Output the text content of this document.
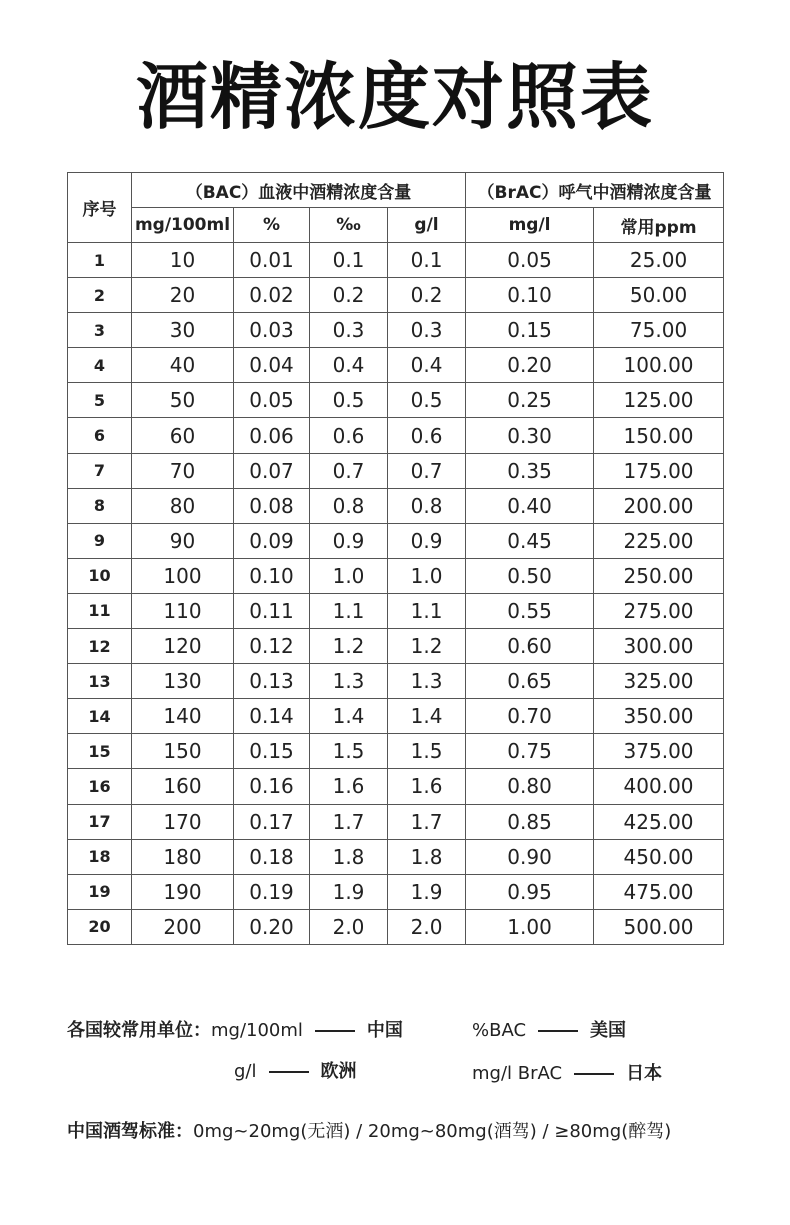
酒精浓度对照表
序号	（BAC）血液中酒精浓度含量				（BrAC）呼气中酒精浓度含量	
	mg/100ml	%	‰	g/l	mg/l	常用ppm
1	10	0.01	0.1	0.1	0.05	25.00
2	20	0.02	0.2	0.2	0.10	50.00
3	30	0.03	0.3	0.3	0.15	75.00
4	40	0.04	0.4	0.4	0.20	100.00
5	50	0.05	0.5	0.5	0.25	125.00
6	60	0.06	0.6	0.6	0.30	150.00
7	70	0.07	0.7	0.7	0.35	175.00
8	80	0.08	0.8	0.8	0.40	200.00
9	90	0.09	0.9	0.9	0.45	225.00
10	100	0.10	1.0	1.0	0.50	250.00
11	110	0.11	1.1	1.1	0.55	275.00
12	120	0.12	1.2	1.2	0.60	300.00
13	130	0.13	1.3	1.3	0.65	325.00
14	140	0.14	1.4	1.4	0.70	350.00
15	150	0.15	1.5	1.5	0.75	375.00
16	160	0.16	1.6	1.6	0.80	400.00
17	170	0.17	1.7	1.7	0.85	425.00
18	180	0.18	1.8	1.8	0.90	450.00
19	190	0.19	1.9	1.9	0.95	475.00
20	200	0.20	2.0	2.0	1.00	500.00
各国较常用单位：mg/100ml	中国	%BAC	美国
g/l	欧洲	mg/l BrAC	日本
中国酒驾标准：0mg~20mg(无酒) / 20mg~80mg(酒驾) / ≥80mg(醉驾)
